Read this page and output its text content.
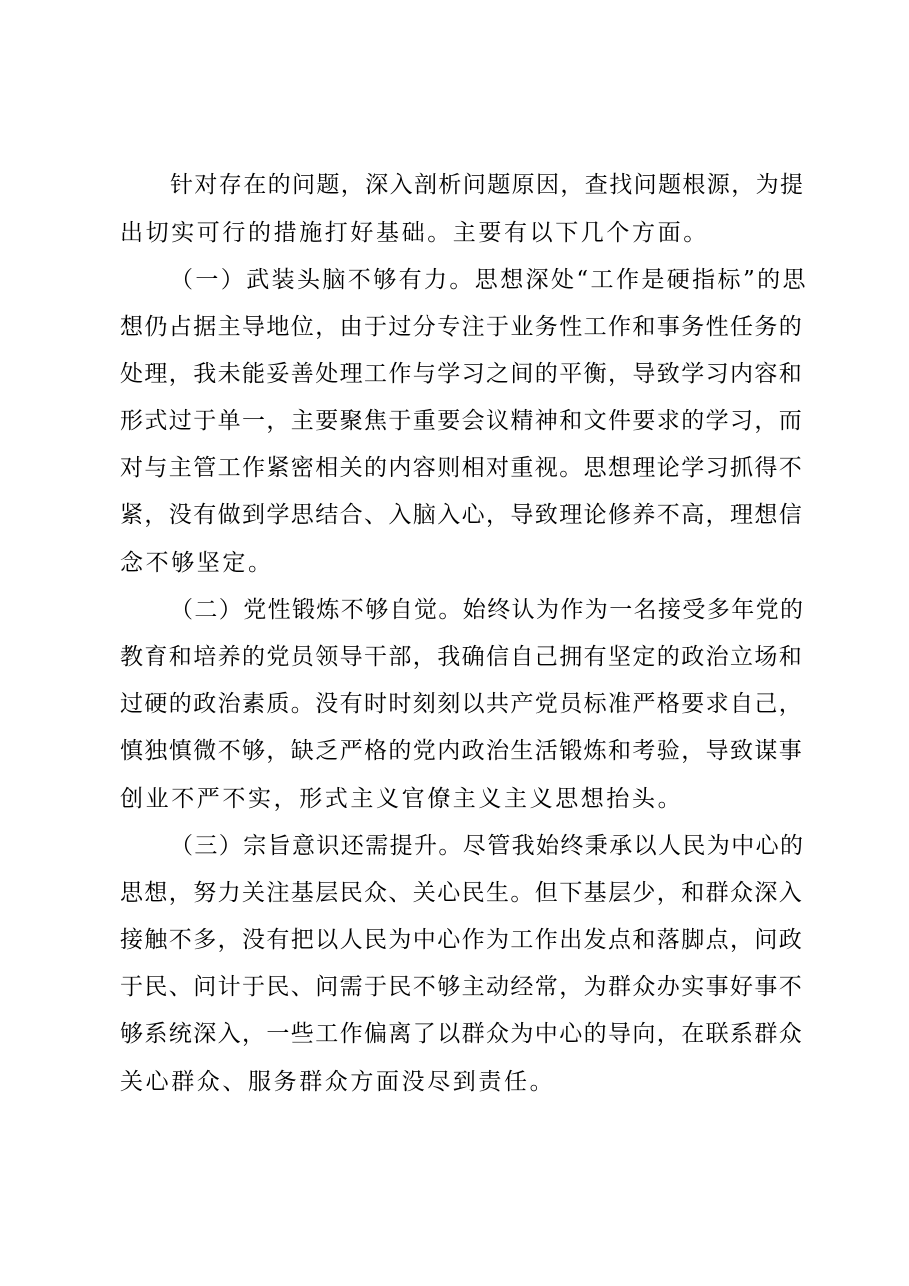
针对存在的问题，深入剖析问题原因，查找问题根源，为提
出切实可行的措施打好基础。主要有以下几个方面。
（一）武装头脑不够有力。思想深处“工作是硬指标”的思
想仍占据主导地位，由于过分专注于业务性工作和事务性任务的
处理，我未能妥善处理工作与学习之间的平衡，导致学习内容和
形式过于单一，主要聚焦于重要会议精神和文件要求的学习，而
对与主管工作紧密相关的内容则相对重视。思想理论学习抓得不
紧，没有做到学思结合、入脑入心，导致理论修养不高，理想信
念不够坚定。
（二）党性锻炼不够自觉。始终认为作为一名接受多年党的
教育和培养的党员领导干部，我确信自己拥有坚定的政治立场和
过硬的政治素质。没有时时刻刻以共产党员标准严格要求自己，
慎独慎微不够，缺乏严格的党内政治生活锻炼和考验，导致谋事
创业不严不实，形式主义官僚主义主义思想抬头。
（三）宗旨意识还需提升。尽管我始终秉承以人民为中心的
思想，努力关注基层民众、关心民生。但下基层少，和群众深入
接触不多，没有把以人民为中心作为工作出发点和落脚点，问政
于民、问计于民、问需于民不够主动经常，为群众办实事好事不
够系统深入，一些工作偏离了以群众为中心的导向，在联系群众
关心群众、服务群众方面没尽到责任。
